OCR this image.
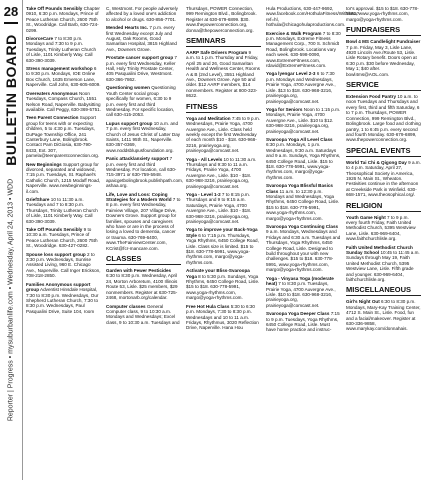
28
BULLETIN BOARD
Reporter | Progress • mysuburbanlife.com • Wednesday, April 24, 2013 • WDD
Take Off Pounds Sensibly Chapter 0910, 6:30 p.m. Mondays, Prince of Peace Lutheran Church, 2600 75th St., Woodridge. Call Barb, 630-724-0299.
DivorceCare 7 to 8:30 p.m. Mondays and 7:30 to 9 p.m. Tuesdays, Trinity Lutheran Church of Lisle, 1101 Kimberly Way. Call 630-390-3039.
Stress management workshop 6 to 9:30 p.m. Mondays, IOE Online Box Church, 1635 Emerson Lane, Naperville. Call John, 630-605-6009.
Overeaters Anonymous Noon Tuesdays, Compass Church, 1551 Nelson Road, Naperville. Babysitting available. Call Peggy, 630-369-5751.
Teen Parent Connection Support group for teens with or expecting children, 5 to 4:30 p.m. Tuesdays, DuPage Township Office, 241 Canterbury Lane, Bolingbrook. Contact Pam DiGiosia, 630-790-8433, Ext. 307, pamela@teenparentconnection.org.
New Beginnings Support group for divorced, separated and widowed, 7:15 p.m. Tuesdays, St. Raphael's Catholic Church, 1215 Modaff Road, Naperville. www.newbeginnings-il.com.
GriefShare 10 to 11:30 a.m. Tuesdays and 7 to 8:30 p.m. Thursdays, Trinity Lutheran Church of Lisle, 1101 Kimberly Way. Call 630-390-3039.
Take Off Pounds Sensibly 9 to 10:30 a.m. Tuesdays, Prince of Peace Lutheran Church, 2600 75th St., Woodridge. 630-427-0282.
Spouse loss support group 2 to 3:30 p.m. Wednesdays, Sunrise Assisted Living, 960 E. Chicago Ave., Naperville. Call Inger Erickson, 708-218-2850.
Families Anonymous support group Adventist Hinsdale Hospital, 7:30 to 8:30 p.m. Wednesdays, Our Shepherd Lutheran Church, 7:30 to 8:30 p.m. Wednesdays, Paul Pasqualini Drive, Suite 104, room
C, Westmont. For people adversely affected by a loved one's addiction to alcohol or drugs. 630-856-7701.
Mended Hearts Inc. 7 p.m. every first Wednesday except July and August, Oak Rooms, Good Samaritan Hospital, 3815 Highland Ave., Downers Grove.
Prostate cancer support group 7 p.m. every first Wednesday, Keller Hall, Holy Trinity Prostate Center, 405 Pasqualini Drive, Westmont. 630-366-7862.
Questioning women Questioning Youth Center social group specifically for women, 6:30 to 9 p.m. every first and third Wednesday. For specific location, call 630-415-2053.
Lupus support group 10 a.m. and 7 p.m. every first Wednesday, Church of Jesus Christ of Latter Day Saints, 1411 95th St., Naperville. 630-357-0369, www.noddsblupusfoundation.org.
Panic attack/anxiety support 7 p.m. every first and third Wednesday. For location, call 630-715-3971 or 630-759-5948. apaicgetbolingbrook.publishpath.com, ashaa.org.
Life, Love and Loss: Coping Strategies for a Modern World 7 to 8 p.m. every first Wednesday, Fairview Village, 207 Village Drive, Downers Grove. Support group for families, spouses and caregivers who have or are in the process of losing a loved to dementia, cancer or trauma. 630-769-6400, www.TheFairviewCenter.com, KCrist@fcr-mancare.com.
CLASSES
Garden with Fewer Pesticides 6:30 to 8:30 p.m. Wednesday, April 24, Morton Arboretum, 4100 Illinois Route 53, Lisle. $25 members, $29 nonmembers. Register at 630-725-2468, mortonarb.org/calendar.
Computer classes General Computer class, 9 to 10:30 a.m. Mondays and Wednesdays; Excel class, 9 to 10:30 a.m. Tuesdays and
Thursdays, POWER Connection, 999 Remington Blvd., Bolingbrook. Register at 630-679-6899. $30. www.thepowerconnection.org, donna@thepowerconnection.org.
SEMINARS
AARP Safe Drivers Program 9 a.m. to 1 p.m. Thursday and Friday, April 25 and 26, Good Samaritan Health and Wellness Center, Rooms A & B (2nd Level), 3551 Highland Ave., Downers Grove. Age 50 and older. $12 AARP members, $14 nonmembers. Register at 800-323-8622.
FITNESS
Yoga and Meditation 7:45 to 9 p.m. Wednesdays, Prairie Yoga, 4700 Auvergne Ave., Lisle. Class held weekly except the first Wednesday of each month $10 - $18. 630-968-3216, prairieyoga.org, prairieyoga@comcast.net.
Yoga - All Levels 10 to 11:30 a.m. Thursdays and 9:30 to 11 a.m. Fridays, Prairie Yoga, 4700 Auvergne Ave., Lisle. $10 - $18. 630-968-3216, prairieyoga.org, prairieyoga@comcast.net.
Yoga - Level 1-2 7 to 8:15 p.m. Thursdays and 9 to 9:15 a.m. Saturdays, Prairie Yoga, 4700 Auvergne Ave., Lisle. $10 - $18. 630-968-3216, prairieyoga.org, prairieyoga@comcast.net.
Yoga to improve your Back-Yoga Style 6 to 7:15 p.m. Thursdays, Yoga Rhythms, 6450 College Road, Lisle. Class size is limited. $15 to $18. 630-778-5991, www.yoga-rhythms.com, margo@yoga-rhythms.com.
Activate your Bliss-Svaroopa Yoga 8 to 5:30 p.m. Sundays, Yoga Rhythms, 6450 College Road, Lisle. $15 to $18. 630-778-5991, www.yoga-rhythms.com, margo@yoga-rhythms.com.
Free Hot Hula Class 5:30 to 6:30 p.m. Mondays, 7:30 to 8:30 p.m. Wednesdays and 10 to 11 a.m. Fridays, Rhythmus, 3020 Reflection Drive, Naperville. Hana Hou
Hula Productions, 630-447-9692, www.facebook.com/HothulaFitness/With/usa?ref=hl, hothula@chicagohulaproductions.com.
Exercise & Walk Program 7 to 8:30 p.m. Mondays, Extreme Fitness Management Corp., 700 S. Schmidt Road, Bolingbrook. Locations vary each week. 630-598-0090, www.ExtremeFitness.com, rdavid@ExtremeFitness.com.
Yoga lyengar Level 2-3 6 to 7:30 p.m. Mondays and Wednesdays, Prairie Yoga, 4700 Auvergne Ave., Lisle. $13 to $18. 630-968-3216, prairieyoga.org, prairieyoga@comcast.net.
Yoga for Seniors Noon to 1:15 p.m. Mondays, Prairie Yoga, 4700 Auvergne Ave., Lisle. $10 to $12. 630-968-3216, prairieyoga.org, prairieyoga@comcast.net.
Svaroopa Yoga All Level Class 6:30 p.m. Mondays, 1 p.m. Wednesdays, 9:30 a.m. Saturdays and 9 a.m. Sundays, Yoga Rhythms, 6450 College Road, Lisle. $15 to $18. 630-778-5991, www.yoga-rhythms.com, margo@yoga-rhythms.com.
Svaroopa Yoga Blissful Basics Class 11 a.m. to 12:30 p.m. Mondays and Wednesdays, Yoga Rhythms, 6450 College Road, Lisle. $15 to $18. 630-778-5991, www.yoga-rhythms.com, margo@yoga-rhythms.com.
Svaroopa Yoga Continuing Class 9 a.m. Mondays, Wednesdays and Fridays and 6:30 a.m. Tuesdays and Thursdays, Yoga Rhythms, 6450 College Road, Lisle. Designed to build throughout your with new challenges. $15 to $18. 630-778-5991, www.yoga-rhythms.com, margo@yoga-rhythms.com.
Yoga - Vinyasa Yoga (moderate heat) 7 to 8:30 p.m. Tuesdays, Prairie Yoga, 4700 Auvergne Ave., Lisle. $10 to $18. 630-968-3216, prairieyoga.org, prairieyoga@comcast.net.
Svaroopa Yoga Deeper Class 7:15 to 9 p.m. Tuesdays, Yoga Rhythms, 6450 College Road, Lisle. Must have home practice and instruc-
tor's approval. $15 to $18. 630-778-5991, www.yoga-rhythms.com, margo@yoga-rhythms.com.
FUNDRAISERS
Bowl 4 MS Candlelight Fundraiser 7 p.m. Friday, May 3, Lisle Lane, 4920 Lincoln Ave./Route 53, Lisle. Lisle Rotary benefit. Doors open at 6:30 p.m. $30 before Wednesday, May 1; $40 after. bowl4ms@AOL.com.
SERVICE
Extension Food Pantry 10 a.m. to noon Tuesdays and Thursdays and every first, third and fifth Saturday, 6 to 7 p.m. Thursdays, POWER Connection, 999 Remington Blvd., Bolingbrook. Large food and clothing pantry, 1 to 6:45 p.m. every second and fourth Monday. 630-679-6899, www.thepowerconnection.org.
SPECIAL EVENTS
World Tai Chi & Qigong Day 9 a.m. to 4 p.m. Saturday, April 27, Theosophical Society in America, 1926 N. Main St., Wheaton. Festivities continue in the afternoon at Creekside Park in Winfield. 630-668-1571, www.theosophical.org/.
RELIGION
Youth Game Night 7 to 9 p.m. every fourth Friday, Faith United Methodist Church, 5395 Westview Lane, Lisle. 630-969-6404, www.faithchurchlisle.org.
Faith United Methodist Church Sunday School 10:45 to 11:45 a.m. Sundays through May 19, Faith United Methodist Church, 5395 Westview Lane, Lisle. Fifth grade and younger. 630-969-6404, faithchurchlisle.org.
MISCELLANEOUS
Girl's Night Out 6:30 to 8:30 p.m. Mondays, Mary-Kay Training Center, 4712 S. Main St., Lisle. Food, fun and a facial/makeover. Register at 630-336-9858, www.marykay.com/donnahais.
